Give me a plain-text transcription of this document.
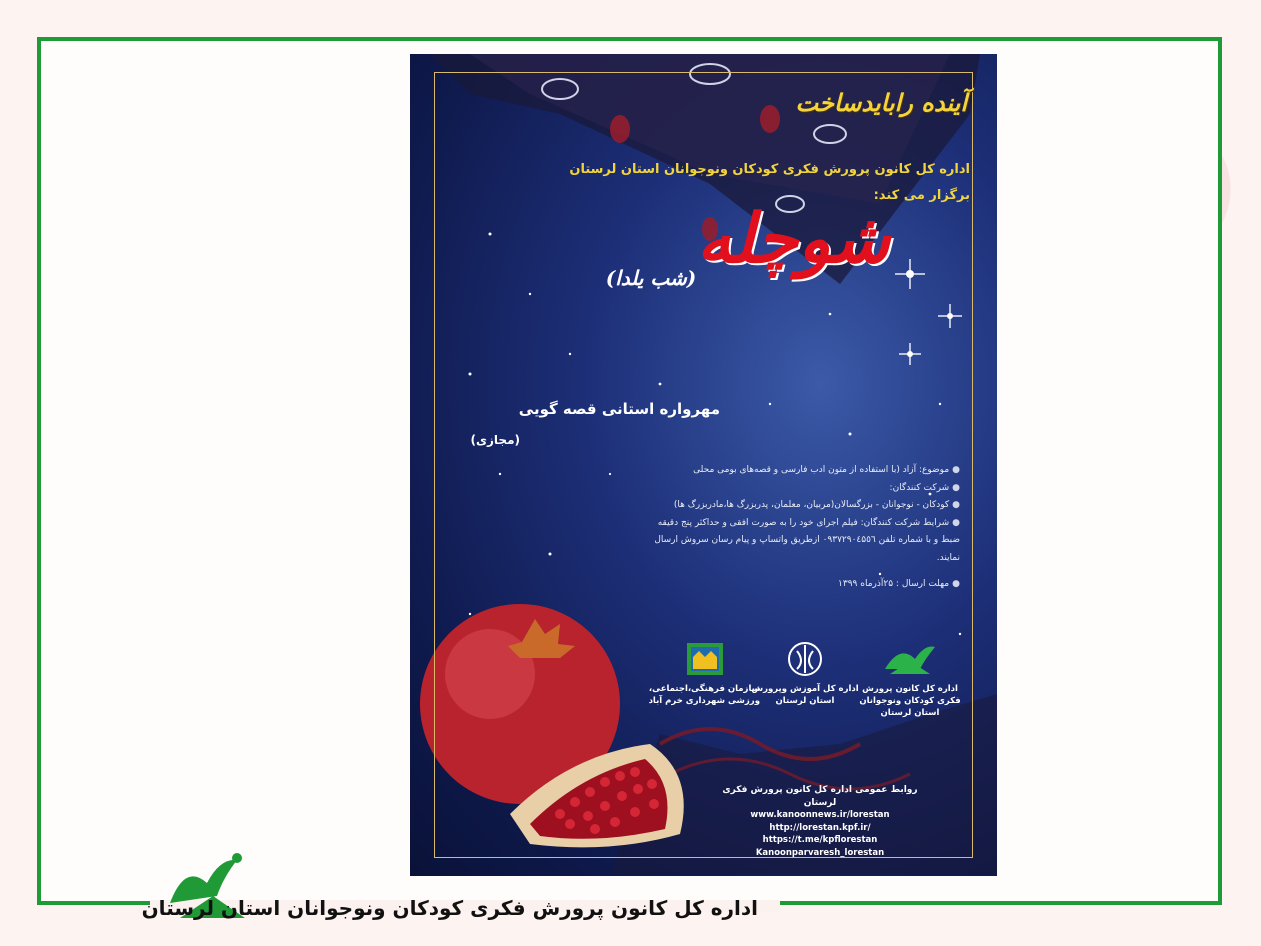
آینده رابایدساخت
اداره کل کانون پرورش فکری کودکان ونوجوانان استان لرستان
برگزار می کند:
شوچله
(شب یلدا)
مهرواره استانی قصه گویی
(مجازی)
●موضوع: آزاد (با استفاده از متون ادب فارسی و قصه‌های بومی محلی
●شرکت کنندگان:
●کودکان - نوجوانان - بزرگسالان(مربیان، معلمان، پدربزرگ ها،مادربزرگ ها)
●شرایط شرکت کنندگان: فیلم اجرای خود را به صورت افقی و حداکثر پنج دقیقه
ضبط و با شماره تلفن ۰۹۳۷۲۹۰٤۵٥٦ ازطریق واتساپ و پیام رسان سروش ارسال
نمایند.
●مهلت ارسال : ۲۵آذرماه ۱۳۹۹
اداره کل کانون پرورش
فکری کودکان ونوجوانان
استان لرستان
اداره کل آموزش وپرورش
استان لرستان
سازمان فرهنگی،اجتماعی،
ورزشی شهرداری خرم آباد
روابط عمومی اداره کل کانون پرورش فکری لرستان
www.kanoonnews.ir/lorestan
http://lorestan.kpf.ir/
https://t.me/kpflorestan
Kanoonparvaresh_lorestan
اداره کل کانون پرورش فکری کودکان ونوجوانان استان لرستان
